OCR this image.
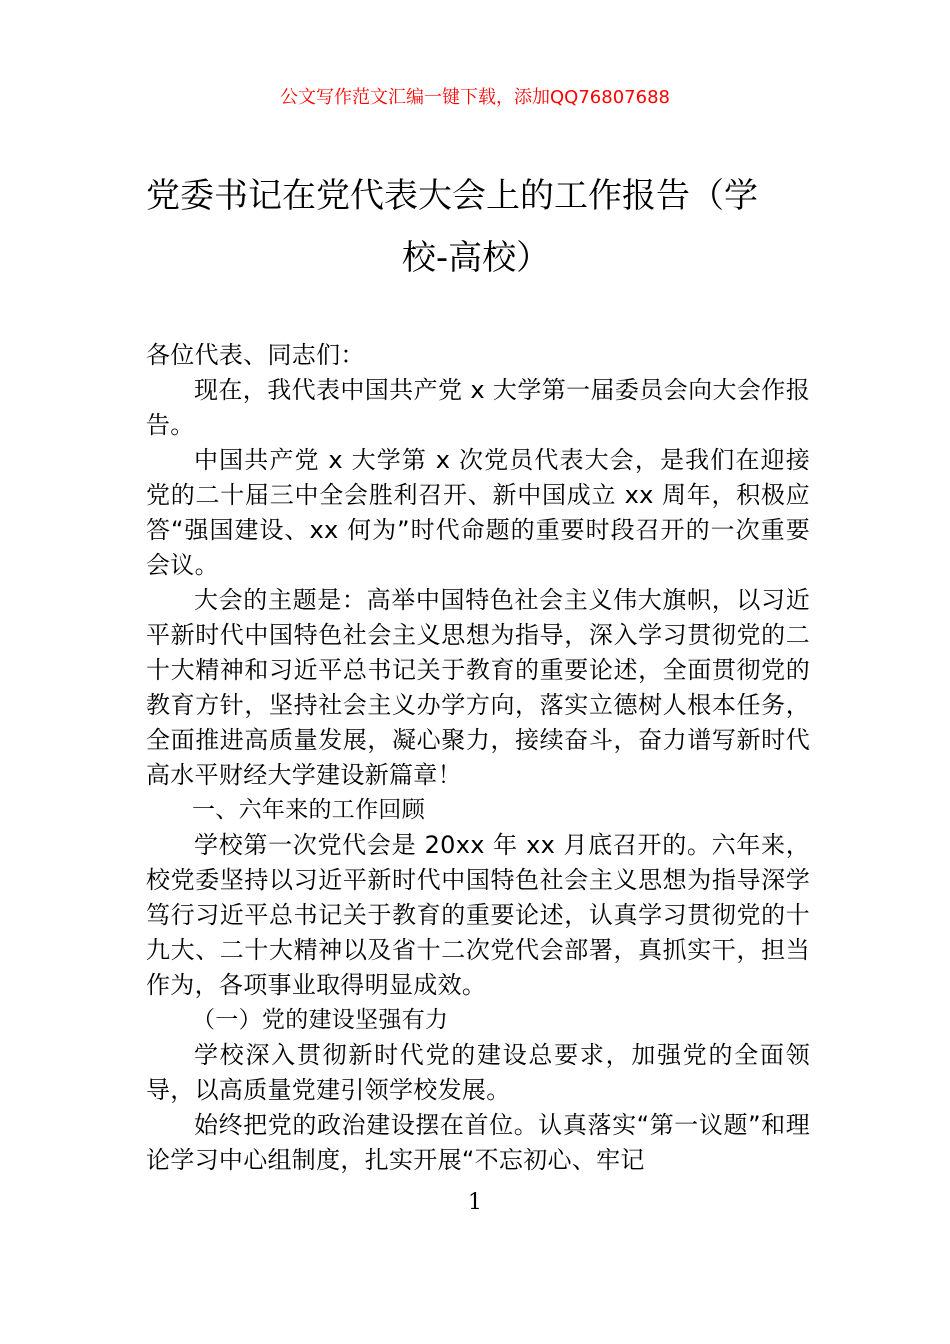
公文写作范文汇编一键下载，添加QQ76807688
党委书记在党代表大会上的工作报告（学
校-高校）

各位代表、同志们：

现在，我代表中国共产党 x 大学第一届委员会向大会作报告。

中国共产党 x 大学第 x 次党员代表大会，是我们在迎接党的二十届三中全会胜利召开、新中国成立 xx 周年，积极应答“强国建设、xx 何为”时代命题的重要时段召开的一次重要会议。

大会的主题是：高举中国特色社会主义伟大旗帜，以习近平新时代中国特色社会主义思想为指导，深入学习贯彻党的二十大精神和习近平总书记关于教育的重要论述，全面贯彻党的教育方针，坚持社会主义办学方向，落实立德树人根本任务，全面推进高质量发展，凝心聚力，接续奋斗，奋力谱写新时代高水平财经大学建设新篇章！

一、六年来的工作回顾

学校第一次党代会是 20xx 年 xx 月底召开的。六年来，校党委坚持以习近平新时代中国特色社会主义思想为指导深学笃行习近平总书记关于教育的重要论述，认真学习贯彻党的十九大、二十大精神以及省十二次党代会部署，真抓实干，担当作为，各项事业取得明显成效。

（一）党的建设坚强有力

学校深入贯彻新时代党的建设总要求，加强党的全面领导，以高质量党建引领学校发展。

始终把党的政治建设摆在首位。认真落实“第一议题”和理论学习中心组制度，扎实开展“不忘初心、牢记

1
